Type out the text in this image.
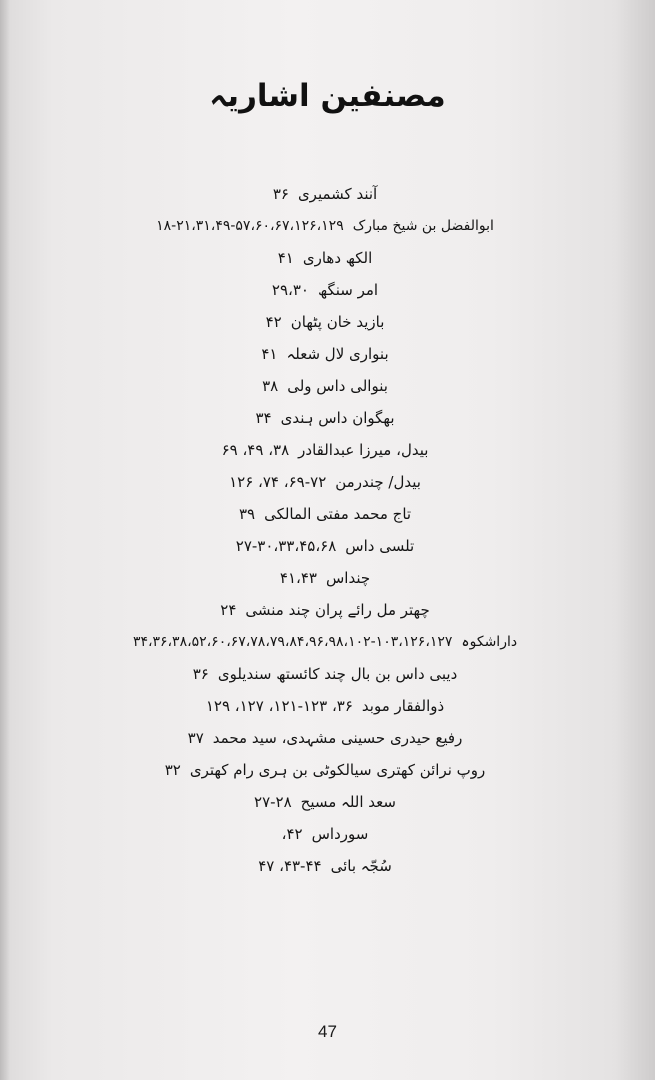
مصنفین اشاریہ
آنند کشمیری
۳۶
ابوالفضل بن شیخ مبارک
۱۸-۲۱،۳۱،۴۹-۵۷،۶۰،۶۷،۱۲۶،۱۲۹
الکھ دھاری
۴۱
امر سنگھ
۲۹،۳۰
بازید خان پٹھان
۴۲
بنواری لال شعلہ
۴۱
بنوالی داس ولی
۳۸
بھگوان داس ہندی
۳۴
بیدل، میرزا عبدالقادر
۳۸، ۴۹، ۶۹
بیدل/ چندرمن
۶۹-۷۲، ۷۴، ۱۲۶
تاج محمد مفتی المالکی
۳۹
تلسی داس
۲۷-۳۰،۳۳،۴۵،۶۸
چنداس
۴۱،۴۳
چھتر مل رائے پران چند منشی
۲۴
داراشکوہ
۳۴،۳۶،۳۸،۵۲،۶۰،۶۷،۷۸،۷۹،۸۴،۹۶،۹۸،۱۰۲-۱۰۳،۱۲۶،۱۲۷
دیبی داس بن بال چند کائستھ سندیلوی
۳۶
ذوالفقار موبد
۳۶، ۱۲۱-۱۲۳، ۱۲۷، ۱۲۹
رفیع حیدری حسینی مشہدی، سید محمد
۳۷
روپ نرائن کھتری سیالکوٹی بن ہری رام کھتری
۳۲
سعد اللہ مسیح
۲۷-۲۸
سورداس
۴۲،
سُجّہ بائی
۴۳-۴۴، ۴۷
47
